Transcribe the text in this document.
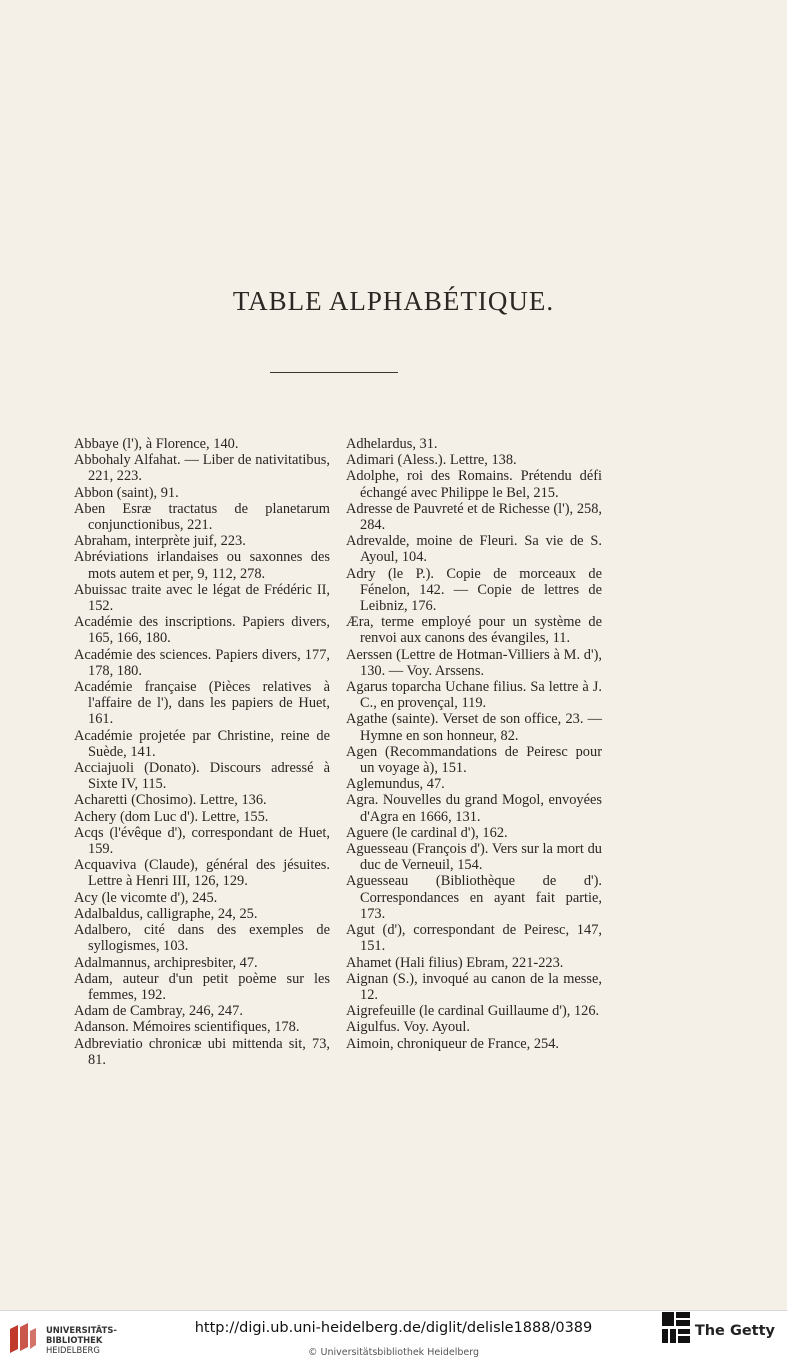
TABLE ALPHABÉTIQUE.

Abbaye (l'), à Florence, 140.

Abbohaly Alfahat. — Liber de nativitatibus, 221, 223.

Abbon (saint), 91.

Aben Esræ tractatus de planetarum conjunctionibus, 221.

Abraham, interprète juif, 223.

Abréviations irlandaises ou saxonnes des mots autem et per, 9, 112, 278.

Abuissac traite avec le légat de Frédéric II, 152.

Académie des inscriptions. Papiers divers, 165, 166, 180.

Académie des sciences. Papiers divers, 177, 178, 180.

Académie française (Pièces relatives à l'affaire de l'), dans les papiers de Huet, 161.

Académie projetée par Christine, reine de Suède, 141.

Acciajuoli (Donato). Discours adressé à Sixte IV, 115.

Acharetti (Chosimo). Lettre, 136.

Achery (dom Luc d'). Lettre, 155.

Acqs (l'évêque d'), correspondant de Huet, 159.

Acquaviva (Claude), général des jésuites. Lettre à Henri III, 126, 129.

Acy (le vicomte d'), 245.

Adalbaldus, calligraphe, 24, 25.

Adalbero, cité dans des exemples de syllogismes, 103.

Adalmannus, archipresbiter, 47.

Adam, auteur d'un petit poème sur les femmes, 192.

Adam de Cambray, 246, 247.

Adanson. Mémoires scientifiques, 178.

Adbreviatio chronicæ ubi mittenda sit, 73, 81.

Adhelardus, 31.

Adimari (Aless.). Lettre, 138.

Adolphe, roi des Romains. Prétendu défi échangé avec Philippe le Bel, 215.

Adresse de Pauvreté et de Richesse (l'), 258, 284.

Adrevalde, moine de Fleuri. Sa vie de S. Ayoul, 104.

Adry (le P.). Copie de morceaux de Fénelon, 142. — Copie de lettres de Leibniz, 176.

Æra, terme employé pour un système de renvoi aux canons des évangiles, 11.

Aerssen (Lettre de Hotman-Villiers à M. d'), 130. — Voy. Arssens.

Agarus toparcha Uchane filius. Sa lettre à J. C., en provençal, 119.

Agathe (sainte). Verset de son office, 23. — Hymne en son honneur, 82.

Agen (Recommandations de Peiresc pour un voyage à), 151.

Aglemundus, 47.

Agra. Nouvelles du grand Mogol, envoyées d'Agra en 1666, 131.

Aguere (le cardinal d'), 162.

Aguesseau (François d'). Vers sur la mort du duc de Verneuil, 154.

Aguesseau (Bibliothèque de d'). Correspondances en ayant fait partie, 173.

Agut (d'), correspondant de Peiresc, 147, 151.

Ahamet (Hali filius) Ebram, 221-223.

Aignan (S.), invoqué au canon de la messe, 12.

Aigrefeuille (le cardinal Guillaume d'), 126.

Aigulfus. Voy. Ayoul.

Aimoin, chroniqueur de France, 254.

UNIVERSITÄTS-
BIBLIOTHEK
HEIDELBERG
http://digi.ub.uni-heidelberg.de/diglit/delisle1888/0389
© Universitätsbibliothek Heidelberg
The Getty
